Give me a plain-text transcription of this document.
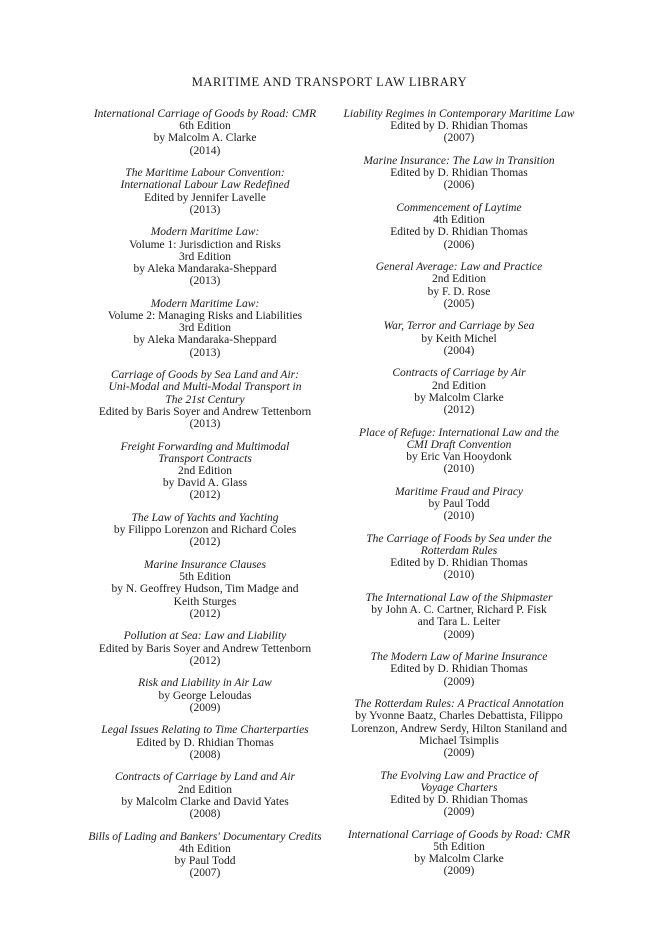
MARITIME AND TRANSPORT LAW LIBRARY
International Carriage of Goods by Road: CMR
6th Edition
by Malcolm A. Clarke
(2014)
The Maritime Labour Convention:
International Labour Law Redefined
Edited by Jennifer Lavelle
(2013)
Modern Maritime Law:
Volume 1: Jurisdiction and Risks
3rd Edition
by Aleka Mandaraka-Sheppard
(2013)
Modern Maritime Law:
Volume 2: Managing Risks and Liabilities
3rd Edition
by Aleka Mandaraka-Sheppard
(2013)
Carriage of Goods by Sea Land and Air:
Uni-Modal and Multi-Modal Transport in
The 21st Century
Edited by Baris Soyer and Andrew Tettenborn
(2013)
Freight Forwarding and Multimodal
Transport Contracts
2nd Edition
by David A. Glass
(2012)
The Law of Yachts and Yachting
by Filippo Lorenzon and Richard Coles
(2012)
Marine Insurance Clauses
5th Edition
by N. Geoffrey Hudson, Tim Madge and
Keith Sturges
(2012)
Pollution at Sea: Law and Liability
Edited by Baris Soyer and Andrew Tettenborn
(2012)
Risk and Liability in Air Law
by George Leloudas
(2009)
Legal Issues Relating to Time Charterparties
Edited by D. Rhidian Thomas
(2008)
Contracts of Carriage by Land and Air
2nd Edition
by Malcolm Clarke and David Yates
(2008)
Bills of Lading and Bankers' Documentary Credits
4th Edition
by Paul Todd
(2007)
Liability Regimes in Contemporary Maritime Law
Edited by D. Rhidian Thomas
(2007)
Marine Insurance: The Law in Transition
Edited by D. Rhidian Thomas
(2006)
Commencement of Laytime
4th Edition
Edited by D. Rhidian Thomas
(2006)
General Average: Law and Practice
2nd Edition
by F. D. Rose
(2005)
War, Terror and Carriage by Sea
by Keith Michel
(2004)
Contracts of Carriage by Air
2nd Edition
by Malcolm Clarke
(2012)
Place of Refuge: International Law and the
CMI Draft Convention
by Eric Van Hooydonk
(2010)
Maritime Fraud and Piracy
by Paul Todd
(2010)
The Carriage of Foods by Sea under the
Rotterdam Rules
Edited by D. Rhidian Thomas
(2010)
The International Law of the Shipmaster
by John A. C. Cartner, Richard P. Fisk
and Tara L. Leiter
(2009)
The Modern Law of Marine Insurance
Edited by D. Rhidian Thomas
(2009)
The Rotterdam Rules: A Practical Annotation
by Yvonne Baatz, Charles Debattista, Filippo
Lorenzon, Andrew Serdy, Hilton Staniland and
Michael Tsimplis
(2009)
The Evolving Law and Practice of
Voyage Charters
Edited by D. Rhidian Thomas
(2009)
International Carriage of Goods by Road: CMR
5th Edition
by Malcolm Clarke
(2009)
